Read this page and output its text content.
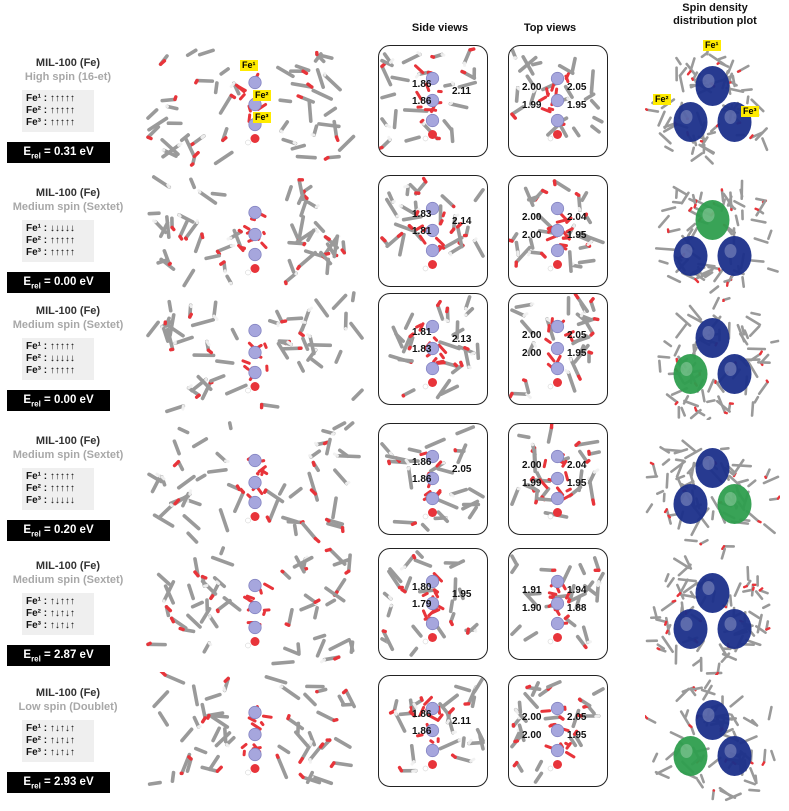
Side views	Top views
Spin density
distribution plot
MIL-100 (Fe)
High spin (16-et)
Fe¹ : ↑↑↑↑↑
Fe² : ↑↑↑↑↑
Fe³ : ↑↑↑↑↑
$E_{rel} = 0.31$ eV
Fe¹
Fe²
Fe³
1.86
1.86
2.11	2.00
1.99
2.05
1.95
Fe¹
Fe²
Fe³
MIL-100 (Fe)
Medium spin (Sextet)
Fe¹ : ↓↓↓↓↓
Fe² : ↑↑↑↑↑
Fe³ : ↑↑↑↑↑
$E_{rel} = 0.00$ eV
1.83
1.81
2.14	2.00
2.00
2.04
1.95
MIL-100 (Fe)
Medium spin (Sextet)
Fe¹ : ↑↑↑↑↑
Fe² : ↓↓↓↓↓
Fe³ : ↑↑↑↑↑
$E_{rel} = 0.00$ eV
1.81
1.83
2.13	2.00
2.00
2.05
1.95
MIL-100 (Fe)
Medium spin (Sextet)
Fe¹ : ↑↑↑↑↑
Fe² : ↑↑↑↑↑
Fe³ : ↓↓↓↓↓
$E_{rel} = 0.20$ eV
1.86
1.86
2.05	2.00
1.99
2.04
1.95
MIL-100 (Fe)
Medium spin (Sextet)
Fe¹ : ↑↓↑↑↑
Fe² : ↑↓↑↓↑
Fe³ : ↑↓↑↓↑
$E_{rel} = 2.87$ eV
1.80
1.79
1.95	1.91
1.90
1.94
1.88
MIL-100 (Fe)
Low spin (Doublet)
Fe¹ : ↑↓↑↓↑
Fe² : ↑↓↑↓↑
Fe³ : ↑↓↑↓↑
$E_{rel} = 2.93$ eV
1.86
1.86
2.11	2.00
2.00
2.05
1.95
